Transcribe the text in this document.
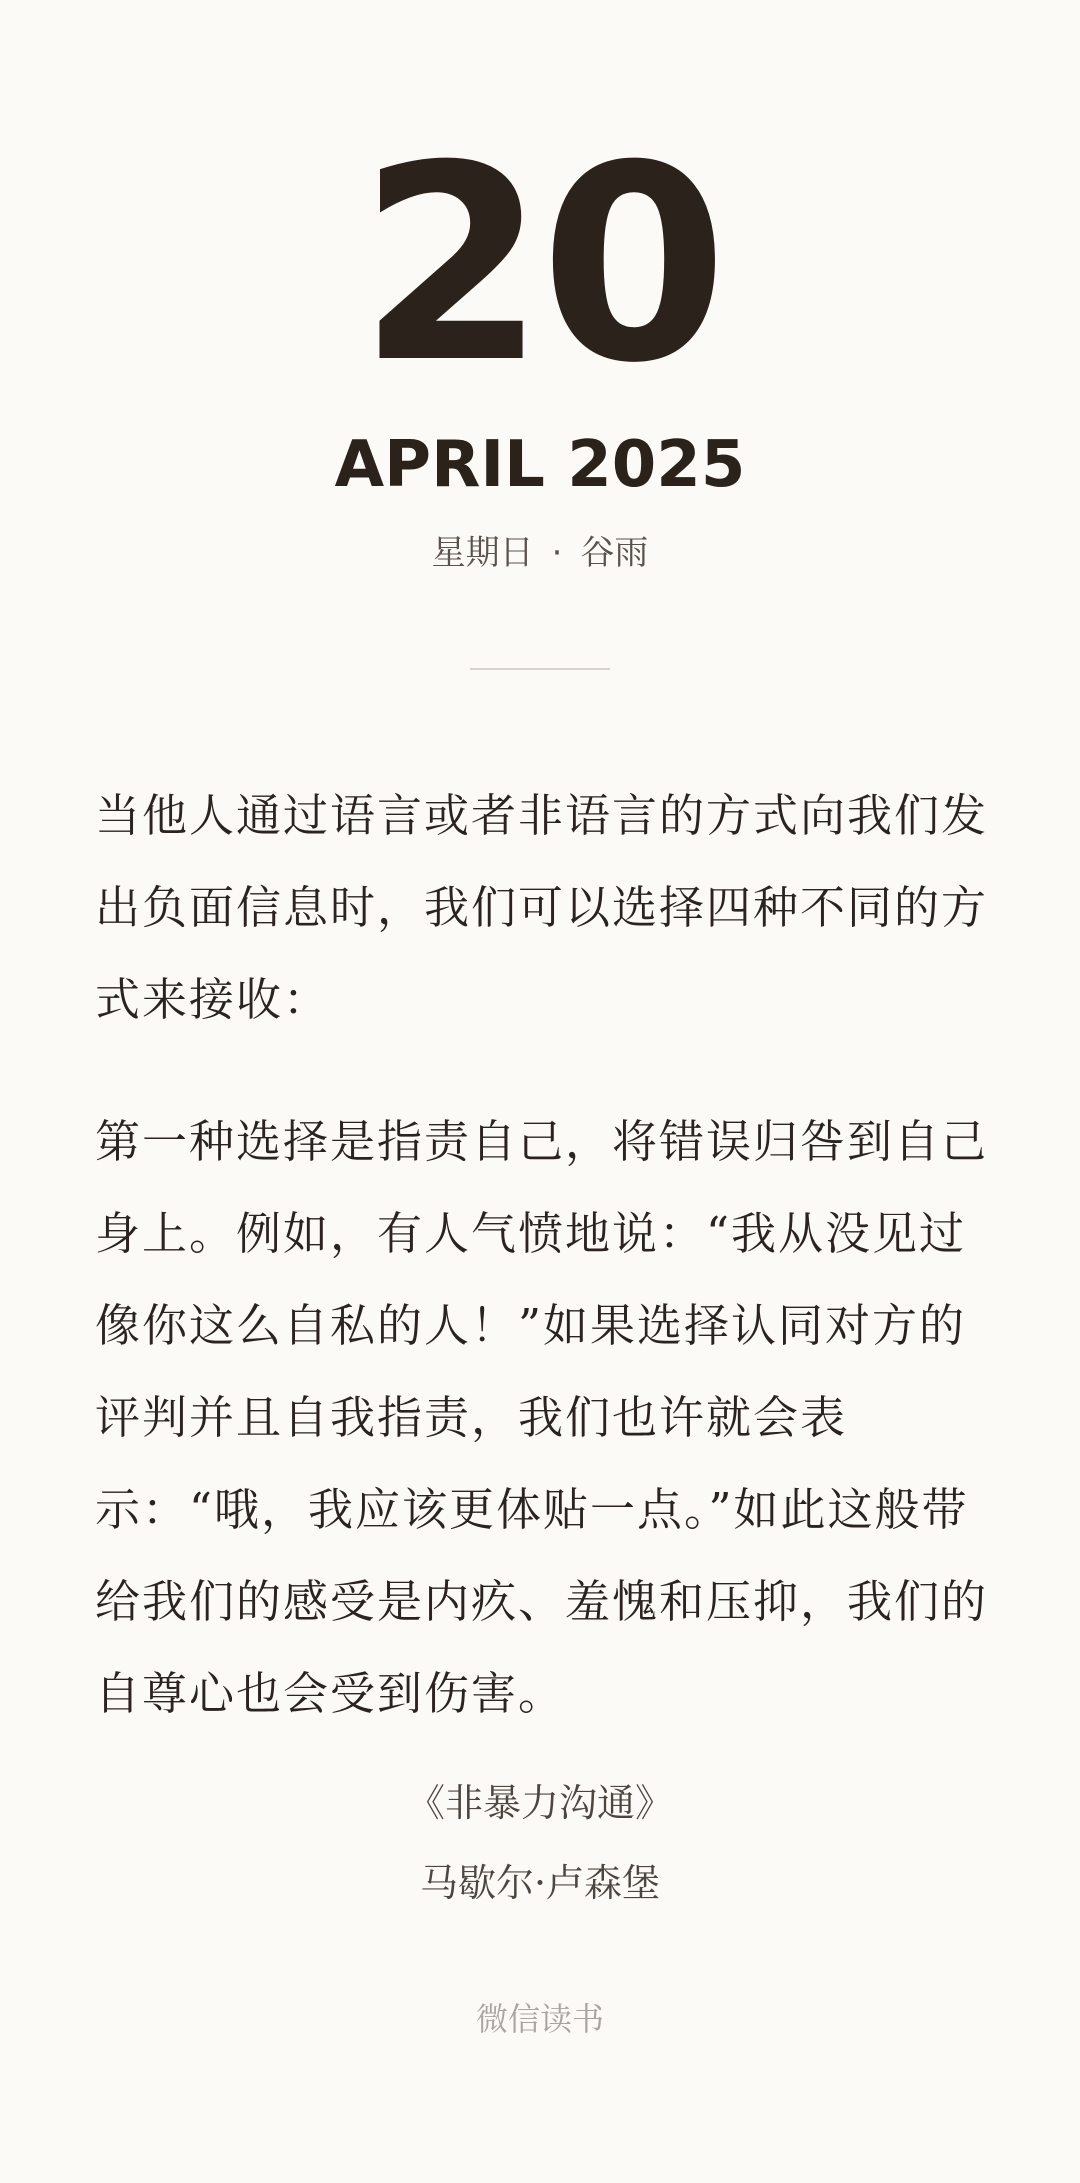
20
APRIL 2025
星期日 · 谷雨

当他人通过语言或者非语言的方式向我们发出负面信息时，我们可以选择四种不同的方式来接收：

第一种选择是指责自己，将错误归咎到自己身上。例如，有人气愤地说：“我从没见过像你这么自私的人！”如果选择认同对方的评判并且自我指责，我们也许就会表示：“哦，我应该更体贴一点。”如此这般带给我们的感受是内疚、羞愧和压抑，我们的自尊心也会受到伤害。

《非暴力沟通》
马歇尔·卢森堡
微信读书
